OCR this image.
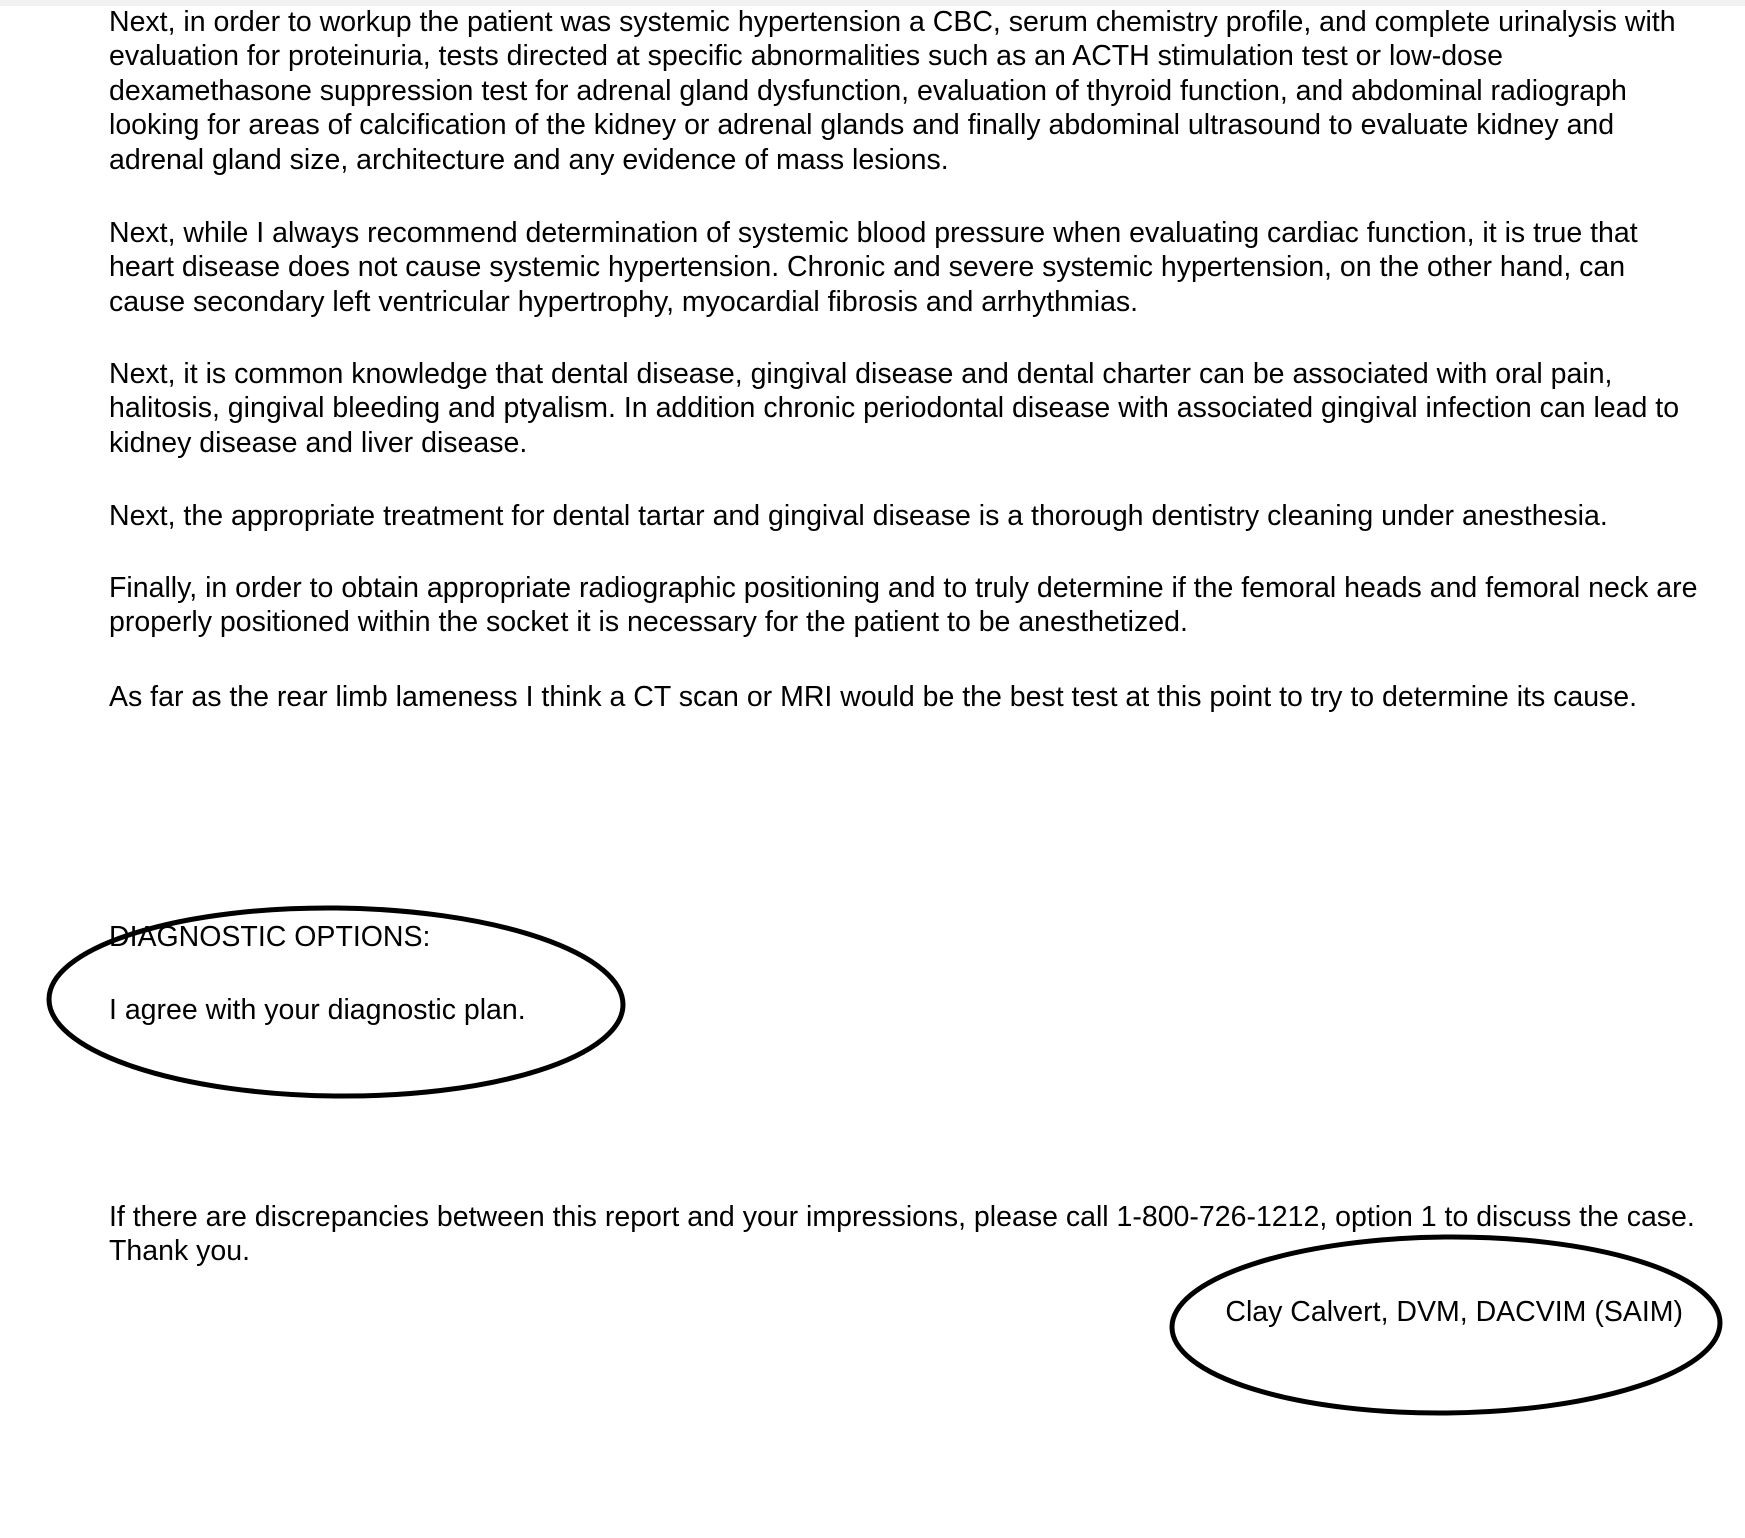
Next, in order to workup the patient was systemic hypertension a CBC, serum chemistry profile, and complete urinalysis with evaluation for proteinuria, tests directed at specific abnormalities such as an ACTH stimulation test or low-dose dexamethasone suppression test for adrenal gland dysfunction, evaluation of thyroid function, and abdominal radiograph looking for areas of calcification of the kidney or adrenal glands and finally abdominal ultrasound to evaluate kidney and adrenal gland size, architecture and any evidence of mass lesions.

Next, while I always recommend determination of systemic blood pressure when evaluating cardiac function, it is true that heart disease does not cause systemic hypertension. Chronic and severe systemic hypertension, on the other hand, can cause secondary left ventricular hypertrophy, myocardial fibrosis and arrhythmias.

Next, it is common knowledge that dental disease, gingival disease and dental charter can be associated with oral pain, halitosis, gingival bleeding and ptyalism. In addition chronic periodontal disease with associated gingival infection can lead to kidney disease and liver disease.

Next, the appropriate treatment for dental tartar and gingival disease is a thorough dentistry cleaning under anesthesia.

Finally, in order to obtain appropriate radiographic positioning and to truly determine if the femoral heads and femoral neck are properly positioned within the socket it is necessary for the patient to be anesthetized.

As far as the rear limb lameness I think a CT scan or MRI would be the best test at this point to try to determine its cause.

DIAGNOSTIC OPTIONS:

I agree with your diagnostic plan.

If there are discrepancies between this report and your impressions, please call 1-800-726-1212, option 1 to discuss the case. Thank you.

Clay Calvert, DVM, DACVIM (SAIM)
